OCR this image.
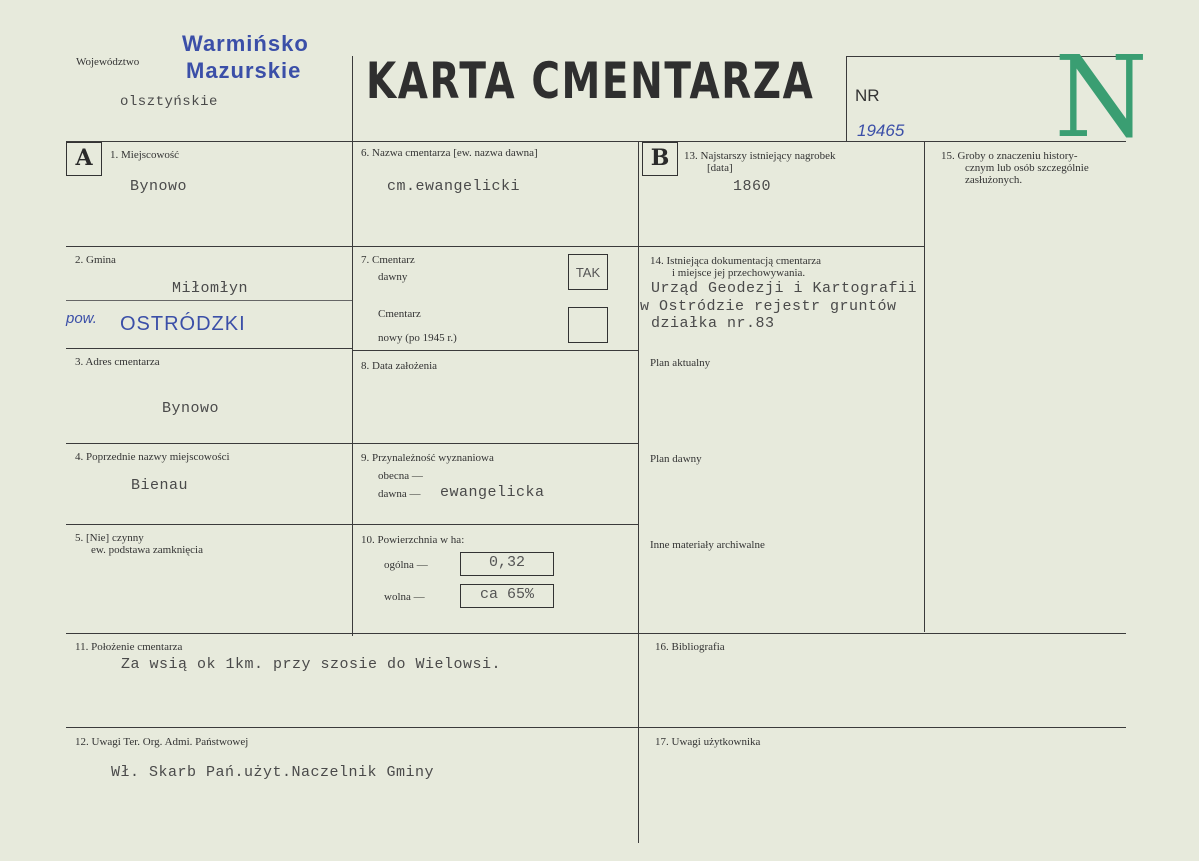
Województwo
Warmińsko
Mazurskie
olsztyńskie	KARTA CMENTARZA NR
19465 N
A	1. Miejscowość
Bynowo
2. Gmina
Miłomłyn
pow. OSTRÓDZKI
3. Adres cmentarza
Bynowo
4. Poprzednie nazwy miejscowości
Bienau
5. [Nie] czynny
ew. podstawa zamknięcia
6. Nazwa cmentarza [ew. nazwa dawna]
cm.ewangelicki
7. Cmentarz
dawny	TAK
Cmentarz
nowy (po 1945 r.)
8. Data założenia
9. Przynależność wyznaniowa
obecna —
dawna — ewangelicka
10. Powierzchnia w ha:
ogólna —	0,32
wolna —	ca 65%
B	13. Najstarszy istniejący nagrobek
[data]
1860
14. Istniejąca dokumentacją cmentarza
i miejsce jej przechowywania.
Urząd Geodezji i Kartografii
w Ostródzie rejestr gruntów
działka nr.83
Plan aktualny
Plan dawny
Inne materiały archiwalne
15. Groby o znaczeniu history-
cznym lub osób szczególnie
zasłużonych.
11. Położenie cmentarza
Za wsią ok 1km. przy szosie do Wielowsi.
16. Bibliografia
12. Uwagi Ter. Org. Admi. Państwowej
Wł. Skarb Pań.użyt.Naczelnik Gminy
17. Uwagi użytkownika
